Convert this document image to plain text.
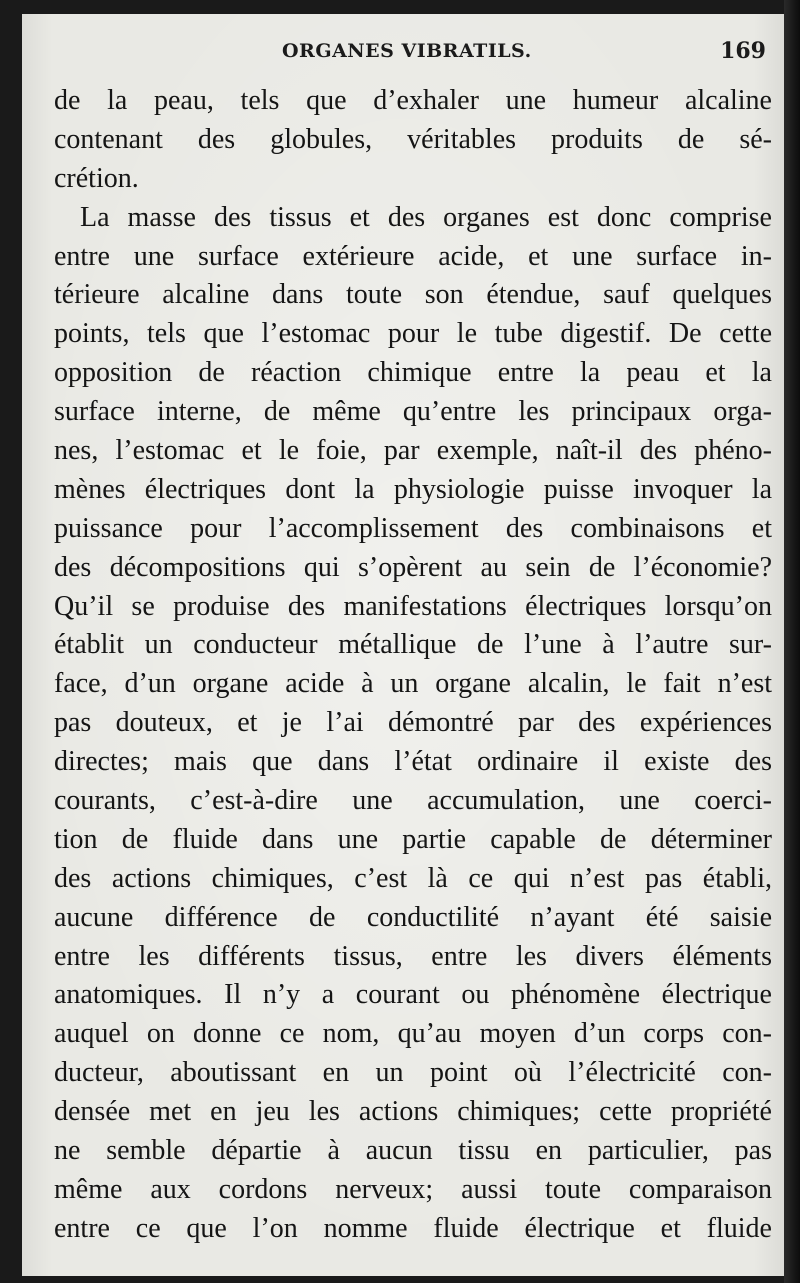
ORGANES VIBRATILS.	169
de la peau, tels que d’exhaler une humeur alcaline
contenant des globules, véritables produits de sé-
crétion.
La masse des tissus et des organes est donc comprise
entre une surface extérieure acide, et une surface in-
térieure alcaline dans toute son étendue, sauf quelques
points, tels que l’estomac pour le tube digestif. De cette
opposition de réaction chimique entre la peau et la
surface interne, de même qu’entre les principaux orga-
nes, l’estomac et le foie, par exemple, naît-il des phéno-
mènes électriques dont la physiologie puisse invoquer la
puissance pour l’accomplissement des combinaisons et
des décompositions qui s’opèrent au sein de l’économie?
Qu’il se produise des manifestations électriques lorsqu’on
établit un conducteur métallique de l’une à l’autre sur-
face, d’un organe acide à un organe alcalin, le fait n’est
pas douteux, et je l’ai démontré par des expériences
directes; mais que dans l’état ordinaire il existe des
courants, c’est-à-dire une accumulation, une coerci-
tion de fluide dans une partie capable de déterminer
des actions chimiques, c’est là ce qui n’est pas établi,
aucune différence de conductilité n’ayant été saisie
entre les différents tissus, entre les divers éléments
anatomiques. Il n’y a courant ou phénomène électrique
auquel on donne ce nom, qu’au moyen d’un corps con-
ducteur, aboutissant en un point où l’électricité con-
densée met en jeu les actions chimiques; cette propriété
ne semble départie à aucun tissu en particulier, pas
même aux cordons nerveux; aussi toute comparaison
entre ce que l’on nomme fluide électrique et fluide
